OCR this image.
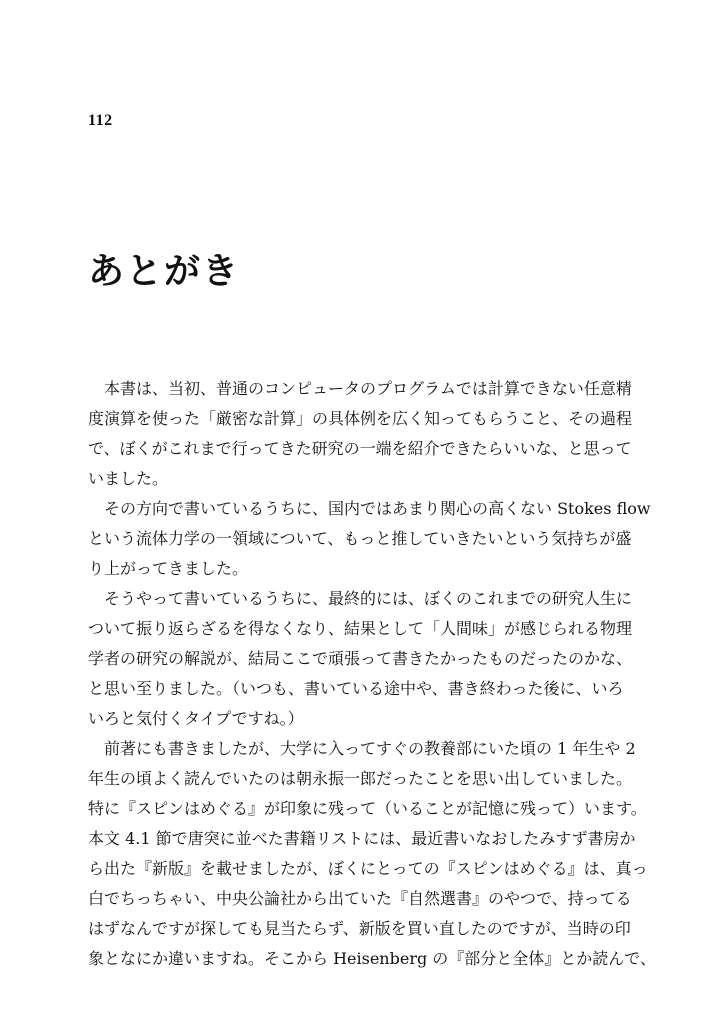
112
あとがき

本書は、当初、普通のコンピュータのプログラムでは計算できない任意精
度演算を使った「厳密な計算」の具体例を広く知ってもらうこと、その過程
で、ぼくがこれまで行ってきた研究の一端を紹介できたらいいな、と思って
いました。

その方向で書いているうちに、国内ではあまり関心の高くない Stokes flow
という流体力学の一領域について、もっと推していきたいという気持ちが盛
り上がってきました。

そうやって書いているうちに、最終的には、ぼくのこれまでの研究人生に
ついて振り返らざるを得なくなり、結果として「人間味」が感じられる物理
学者の研究の解説が、結局ここで頑張って書きたかったものだったのかな、
と思い至りました。（いつも、書いている途中や、書き終わった後に、いろ
いろと気付くタイプですね。）

前著にも書きましたが、大学に入ってすぐの教養部にいた頃の 1 年生や 2
年生の頃よく読んでいたのは朝永振一郎だったことを思い出していました。
特に『スピンはめぐる』が印象に残って（いることが記憶に残って）います。
本文 4.1 節で唐突に並べた書籍リストには、最近書いなおしたみすず書房か
ら出た『新版』を載せましたが、ぼくにとっての『スピンはめぐる』は、真っ
白でちっちゃい、中央公論社から出ていた『自然選書』のやつで、持ってる
はずなんですが探しても見当たらず、新版を買い直したのですが、当時の印
象となにか違いますね。そこから Heisenberg の『部分と全体』とか読んで、
